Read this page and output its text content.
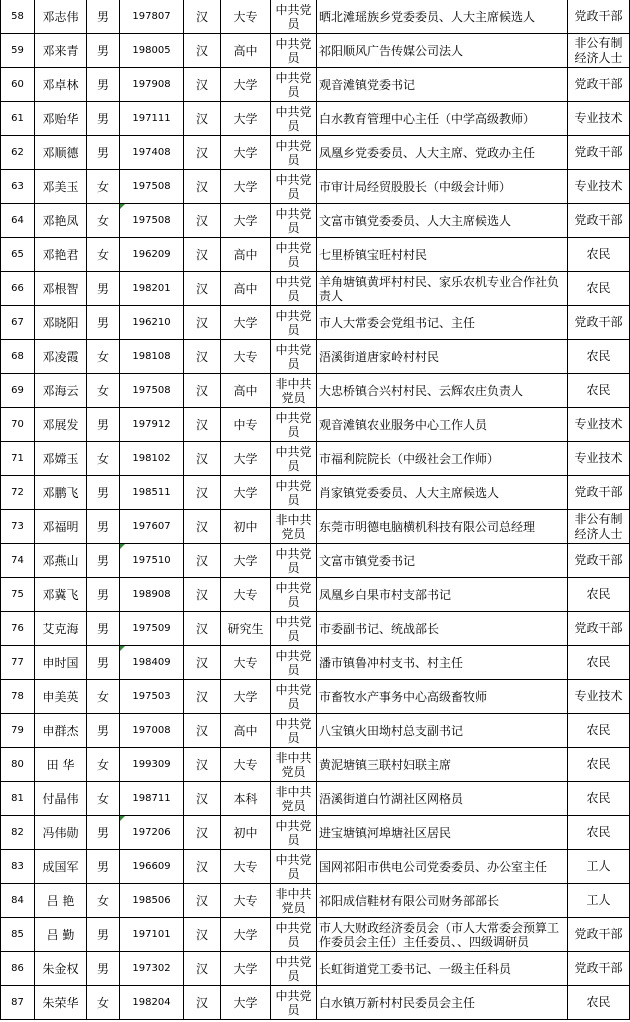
58	邓志伟	男	197807	汉	大专	中共党员	晒北滩瑶族乡党委委员、人大主席候选人	党政干部
59	邓来青	男	198005	汉	高中	中共党员	祁阳顺风广告传媒公司法人	非公有制经济人士
60	邓卓林	男	197908	汉	大学	中共党员	观音滩镇党委书记	党政干部
61	邓贻华	男	197111	汉	大学	中共党员	白水教育管理中心主任（中学高级教师）	专业技术
62	邓顺德	男	197408	汉	大学	中共党员	凤凰乡党委委员、人大主席、党政办主任	党政干部
63	邓美玉	女	197508	汉	大学	中共党员	市审计局经贸股股长（中级会计师）	专业技术
64	邓艳凤	女	197508	汉	大学	中共党员	文富市镇党委委员、人大主席候选人	党政干部
65	邓艳君	女	196209	汉	高中	中共党员	七里桥镇宝旺村村民	农民
66	邓根智	男	198201	汉	高中	中共党员	羊角塘镇黄坪村村民、家乐农机专业合作社负责人	农民
67	邓晓阳	男	196210	汉	大学	中共党员	市人大常委会党组书记、主任	党政干部
68	邓凌霞	女	198108	汉	大专	中共党员	浯溪街道唐家岭村村民	农民
69	邓海云	女	197508	汉	高中	非中共党员	大忠桥镇合兴村村民、云辉农庄负责人	农民
70	邓展发	男	197912	汉	中专	中共党员	观音滩镇农业服务中心工作人员	专业技术
71	邓嫦玉	女	198102	汉	大学	中共党员	市福利院院长（中级社会工作师）	专业技术
72	邓鹏飞	男	198511	汉	大学	中共党员	肖家镇党委委员、人大主席候选人	党政干部
73	邓福明	男	197607	汉	初中	非中共党员	东莞市明德电脑横机科技有限公司总经理	非公有制经济人士
74	邓燕山	男	197510	汉	大学	中共党员	文富市镇党委书记	党政干部
75	邓冀飞	男	198908	汉	大专	中共党员	凤凰乡白果市村支部书记	农民
76	艾克海	男	197509	汉	研究生	中共党员	市委副书记、统战部长	党政干部
77	申时国	男	198409	汉	大专	中共党员	潘市镇鲁冲村支书、村主任	农民
78	申美英	女	197503	汉	大学	中共党员	市畜牧水产事务中心高级畜牧师	专业技术
79	申群杰	男	197008	汉	高中	中共党员	八宝镇火田坳村总支副书记	农民
80	田 华	女	199309	汉	大专	非中共党员	黄泥塘镇三联村妇联主席	农民
81	付晶伟	女	198711	汉	本科	非中共党员	浯溪街道白竹湖社区网格员	农民
82	冯伟勋	男	197206	汉	初中	中共党员	进宝塘镇河埠塘社区居民	农民
83	成国军	男	196609	汉	大专	中共党员	国网祁阳市供电公司党委委员、办公室主任	工人
84	吕 艳	女	198506	汉	大专	非中共党员	祁阳成信鞋材有限公司财务部部长	工人
85	吕 勤	男	197101	汉	大学	中共党员	市人大财政经济委员会（市人大常委会预算工作委员会主任）主任委员、、四级调研员	党政干部
86	朱金权	男	197302	汉	大学	中共党员	长虹街道党工委书记、一级主任科员	党政干部
87	朱荣华	女	198204	汉	大学	中共党员	白水镇万新村村民委员会主任	农民
